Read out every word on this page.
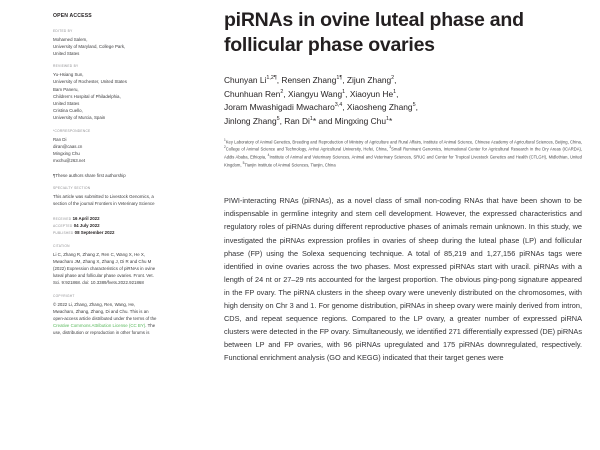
OPEN ACCESS
EDITED BY
Mohamed Salem,
University of Maryland, College Park,
United States
REVIEWED BY
Yu-Hsiang Sun,
University of Rochester, United States
Bam Paneru,
Children's Hospital of Philadelphia,
United States
Cristina Cuello,
University of Murcia, Spain
*CORRESPONDENCE
Ran Di
diran@caas.cn
Mingxing Chu
mxchu@263.net
¶These authors share first authorship
SPECIALTY SECTION
This article was submitted to Livestock Genomics, a section of the journal Frontiers in Veterinary Science
RECEIVED 16 April 2022
ACCEPTED 04 July 2022
PUBLISHED 08 September 2022
CITATION
Li C, Zhang R, Zhang Z, Ren C, Wang X, He X, Mwacharo JM, Zhang X, Zhang J, Di R and Chu M (2022) Expression characteristics of piRNAs in ovine luteal phase and follicular phase ovaries. Front. Vet. Sci. 9:921868. doi: 10.3389/fvets.2022.921868
COPYRIGHT
© 2022 Li, Zhang, Zhang, Ren, Wang, He, Mwacharo, Zhang, Zhang, Di and Chu. This is an open-access article distributed under the terms of the Creative Commons Attribution License (CC BY). The use, distribution or reproduction in other forums is
piRNAs in ovine luteal phase and follicular phase ovaries
Chunyan $Li^{1,2\P}$, Rensen Zhang$^{1\P}$, Zijun Zhang$^2$,
Chunhuan Ren$^2$, Xiangyu Wang$^1$, Xiaoyun He$^1$,
Joram Mwashigadi Mwacharo$^{3,4}$, Xiaosheng Zhang$^5$,
Jinlong Zhang$^5$, Ran Di$^1$* and Mingxing Chu$^1$*
$^1$Key Laboratory of Animal Genetics, Breeding and Reproduction of Ministry of Agriculture and Rural Affairs, Institute of Animal Science, Chinese Academy of Agricultural Sciences, Beijing, China, $^2$College of Animal Science and Technology, Anhui Agricultural University, Hefei, China, $^3$Small Ruminant Genomics, International Center for Agricultural Research in the Dry Areas (ICARDA), Addis Ababa, Ethiopia, $^4$Institute of Animal and Veterinary Sciences, Animal and Veterinary Sciences, SRUC and Center for Tropical Livestock Genetics and Health (CTLGH), Midlothian, United Kingdom, $^5$Tianjin Institute of Animal Sciences, Tianjin, China

PIWI-interacting RNAs (piRNAs), as a novel class of small non-coding RNAs that have been shown to be indispensable in germline integrity and stem cell development. However, the expressed characteristics and regulatory roles of piRNAs during different reproductive phases of animals remain unknown. In this study, we investigated the piRNAs expression profiles in ovaries of sheep during the luteal phase (LP) and follicular phase (FP) using the Solexa sequencing technique. A total of 85,219 and 1,27,156 piRNAs tags were identified in ovine ovaries across the two phases. Most expressed piRNAs start with uracil. piRNAs with a length of 24 nt or 27–29 nts accounted for the largest proportion. The obvious ping-pong signature appeared in the FP ovary. The piRNA clusters in the sheep ovary were unevenly distributed on the chromosomes, with high density on Chr 3 and 1. For genome distribution, piRNAs in sheep ovary were mainly derived from intron, CDS, and repeat sequence regions. Compared to the LP ovary, a greater number of expressed piRNA clusters were detected in the FP ovary. Simultaneously, we identified 271 differentially expressed (DE) piRNAs between LP and FP ovaries, with 96 piRNAs upregulated and 175 piRNAs downregulated, respectively. Functional enrichment analysis (GO and KEGG) indicated that their target genes were
